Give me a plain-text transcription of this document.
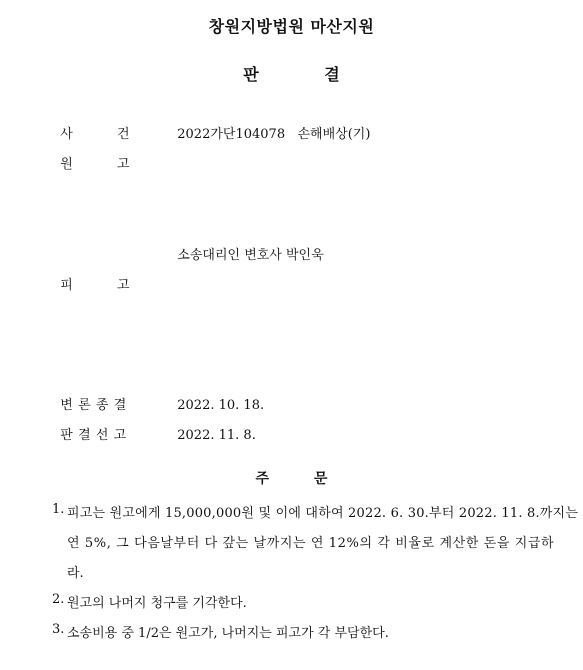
창원지방법원 마산지원
판 결

사 건	2022가단104078   손해배상(기)

원 고

소송대리인 변호사 박인욱

피 고

변 론 종 결	2022. 10. 18.

판 결 선 고	2022. 11. 8.

주 문
1. 피고는 원고에게 15,000,000원 및 이에 대하여 2022. 6. 30.부터 2022. 11. 8.까지는
연 5%, 그 다음날부터 다 갚는 날까지는 연 12%의 각 비율로 계산한 돈을 지급하
라.
2. 원고의 나머지 청구를 기각한다.
3. 소송비용 중 1/2은 원고가, 나머지는 피고가 각 부담한다.
